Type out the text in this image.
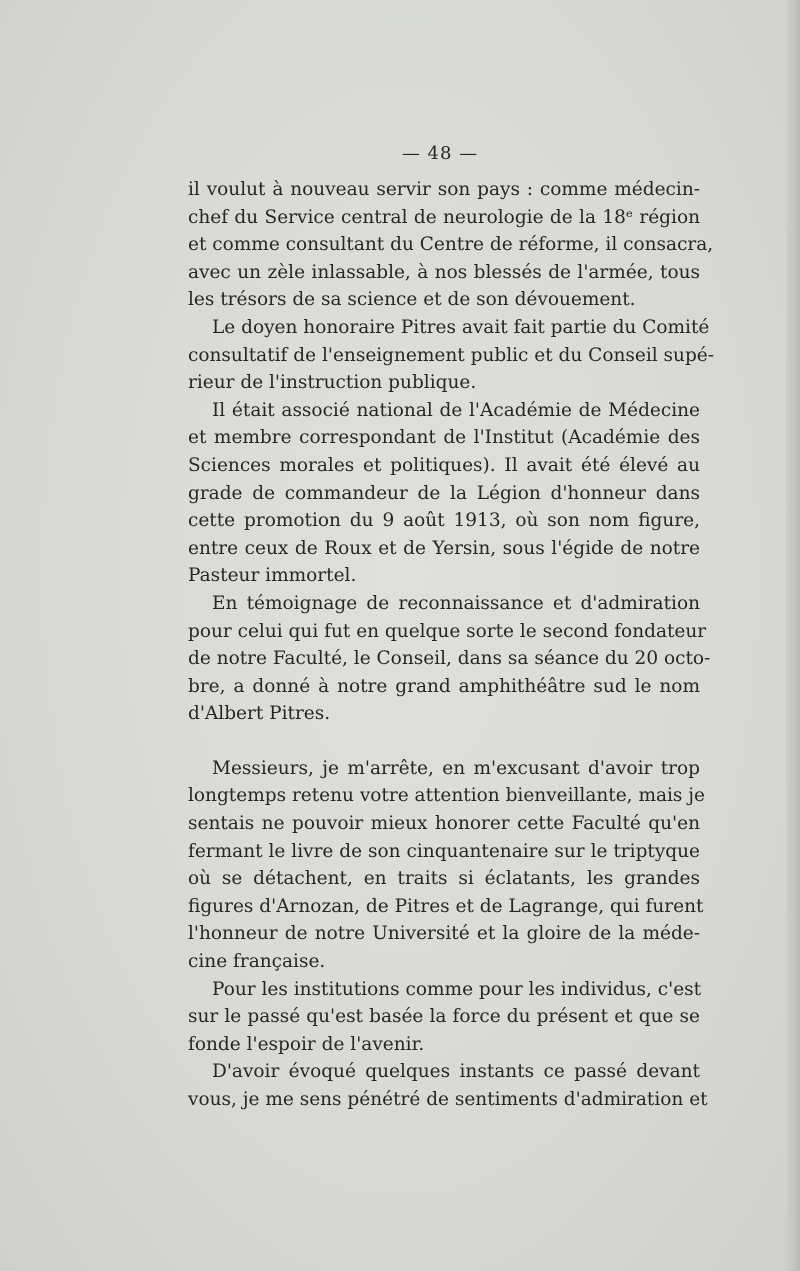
— 48 —
il voulut à nouveau servir son pays : comme médecin-
chef du Service central de neurologie de la 18ᵉ région
et comme consultant du Centre de réforme, il consacra,
avec un zèle inlassable, à nos blessés de l'armée, tous
les trésors de sa science et de son dévouement.
Le doyen honoraire Pitres avait fait partie du Comité
consultatif de l'enseignement public et du Conseil supé-
rieur de l'instruction publique.
Il était associé national de l'Académie de Médecine
et membre correspondant de l'Institut (Académie des
Sciences morales et politiques). Il avait été élevé au
grade de commandeur de la Légion d'honneur dans
cette promotion du 9 août 1913, où son nom figure,
entre ceux de Roux et de Yersin, sous l'égide de notre
Pasteur immortel.
En témoignage de reconnaissance et d'admiration
pour celui qui fut en quelque sorte le second fondateur
de notre Faculté, le Conseil, dans sa séance du 20 octo-
bre, a donné à notre grand amphithéâtre sud le nom
d'Albert Pitres.
Messieurs, je m'arrête, en m'excusant d'avoir trop
longtemps retenu votre attention bienveillante, mais je
sentais ne pouvoir mieux honorer cette Faculté qu'en
fermant le livre de son cinquantenaire sur le triptyque
où se détachent, en traits si éclatants, les grandes
figures d'Arnozan, de Pitres et de Lagrange, qui furent
l'honneur de notre Université et la gloire de la méde-
cine française.
Pour les institutions comme pour les individus, c'est
sur le passé qu'est basée la force du présent et que se
fonde l'espoir de l'avenir.
D'avoir évoqué quelques instants ce passé devant
vous, je me sens pénétré de sentiments d'admiration et
